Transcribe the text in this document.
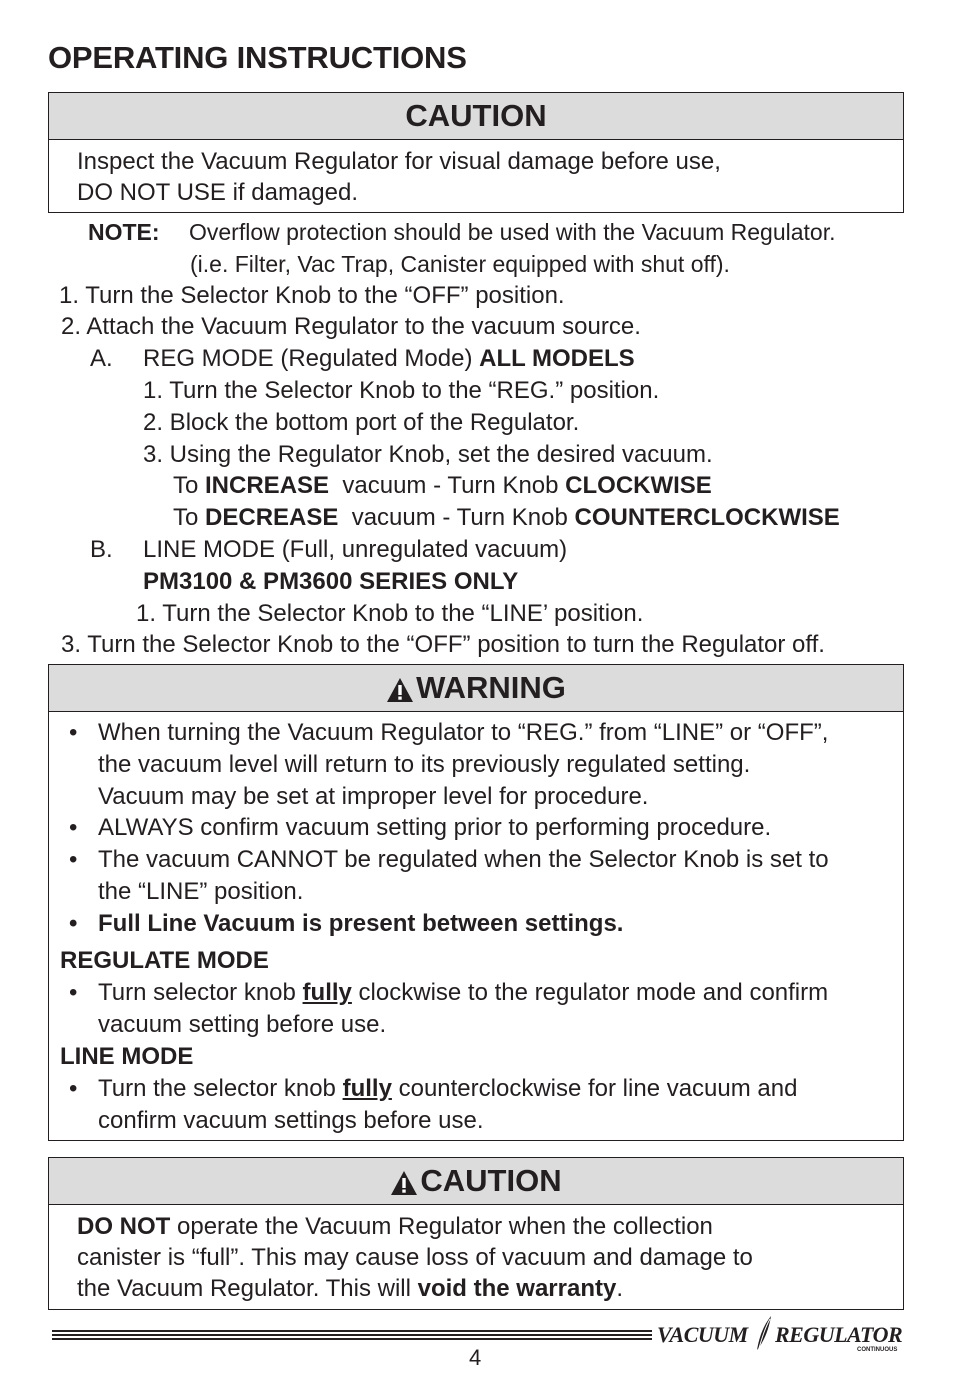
OPERATING INSTRUCTIONS
CAUTION
Inspect the Vacuum Regulator for visual damage before use,
DO NOT USE if damaged.
NOTE: Overflow protection should be used with the Vacuum Regulator.
(i.e. Filter, Vac Trap, Canister equipped with shut off).
1. Turn the Selector Knob to the “OFF” position.
2. Attach the Vacuum Regulator to the vacuum source.
A. REG MODE (Regulated Mode) ALL MODELS
1. Turn the Selector Knob to the “REG.” position.
2. Block the bottom port of the Regulator.
3. Using the Regulator Knob, set the desired vacuum.
To INCREASE  vacuum - Turn Knob CLOCKWISE
To DECREASE  vacuum - Turn Knob COUNTERCLOCKWISE
B. LINE MODE (Full, unregulated vacuum)
PM3100 & PM3600 SERIES ONLY
1. Turn the Selector Knob to the “LINE’ position.
3. Turn the Selector Knob to the “OFF” position to turn the Regulator off.
WARNING
• When turning the Vacuum Regulator to “REG.” from “LINE” or “OFF”, the vacuum level will return to its previously regulated setting. Vacuum may be set at improper level for procedure.
• ALWAYS confirm vacuum setting prior to performing procedure.
• The vacuum CANNOT be regulated when the Selector Knob is set to the “LINE” position.
• Full Line Vacuum is present between settings.
REGULATE MODE
• Turn selector knob fully clockwise to the regulator mode and confirm vacuum setting before use.
LINE MODE
• Turn the selector knob fully counterclockwise for line vacuum and confirm vacuum settings before use.
CAUTION
DO NOT operate the Vacuum Regulator when the collection
canister is “full”. This may cause loss of vacuum and damage to
the Vacuum Regulator. This will void the warranty.
4
VACUUM REGULATOR
CONTINUOUS
